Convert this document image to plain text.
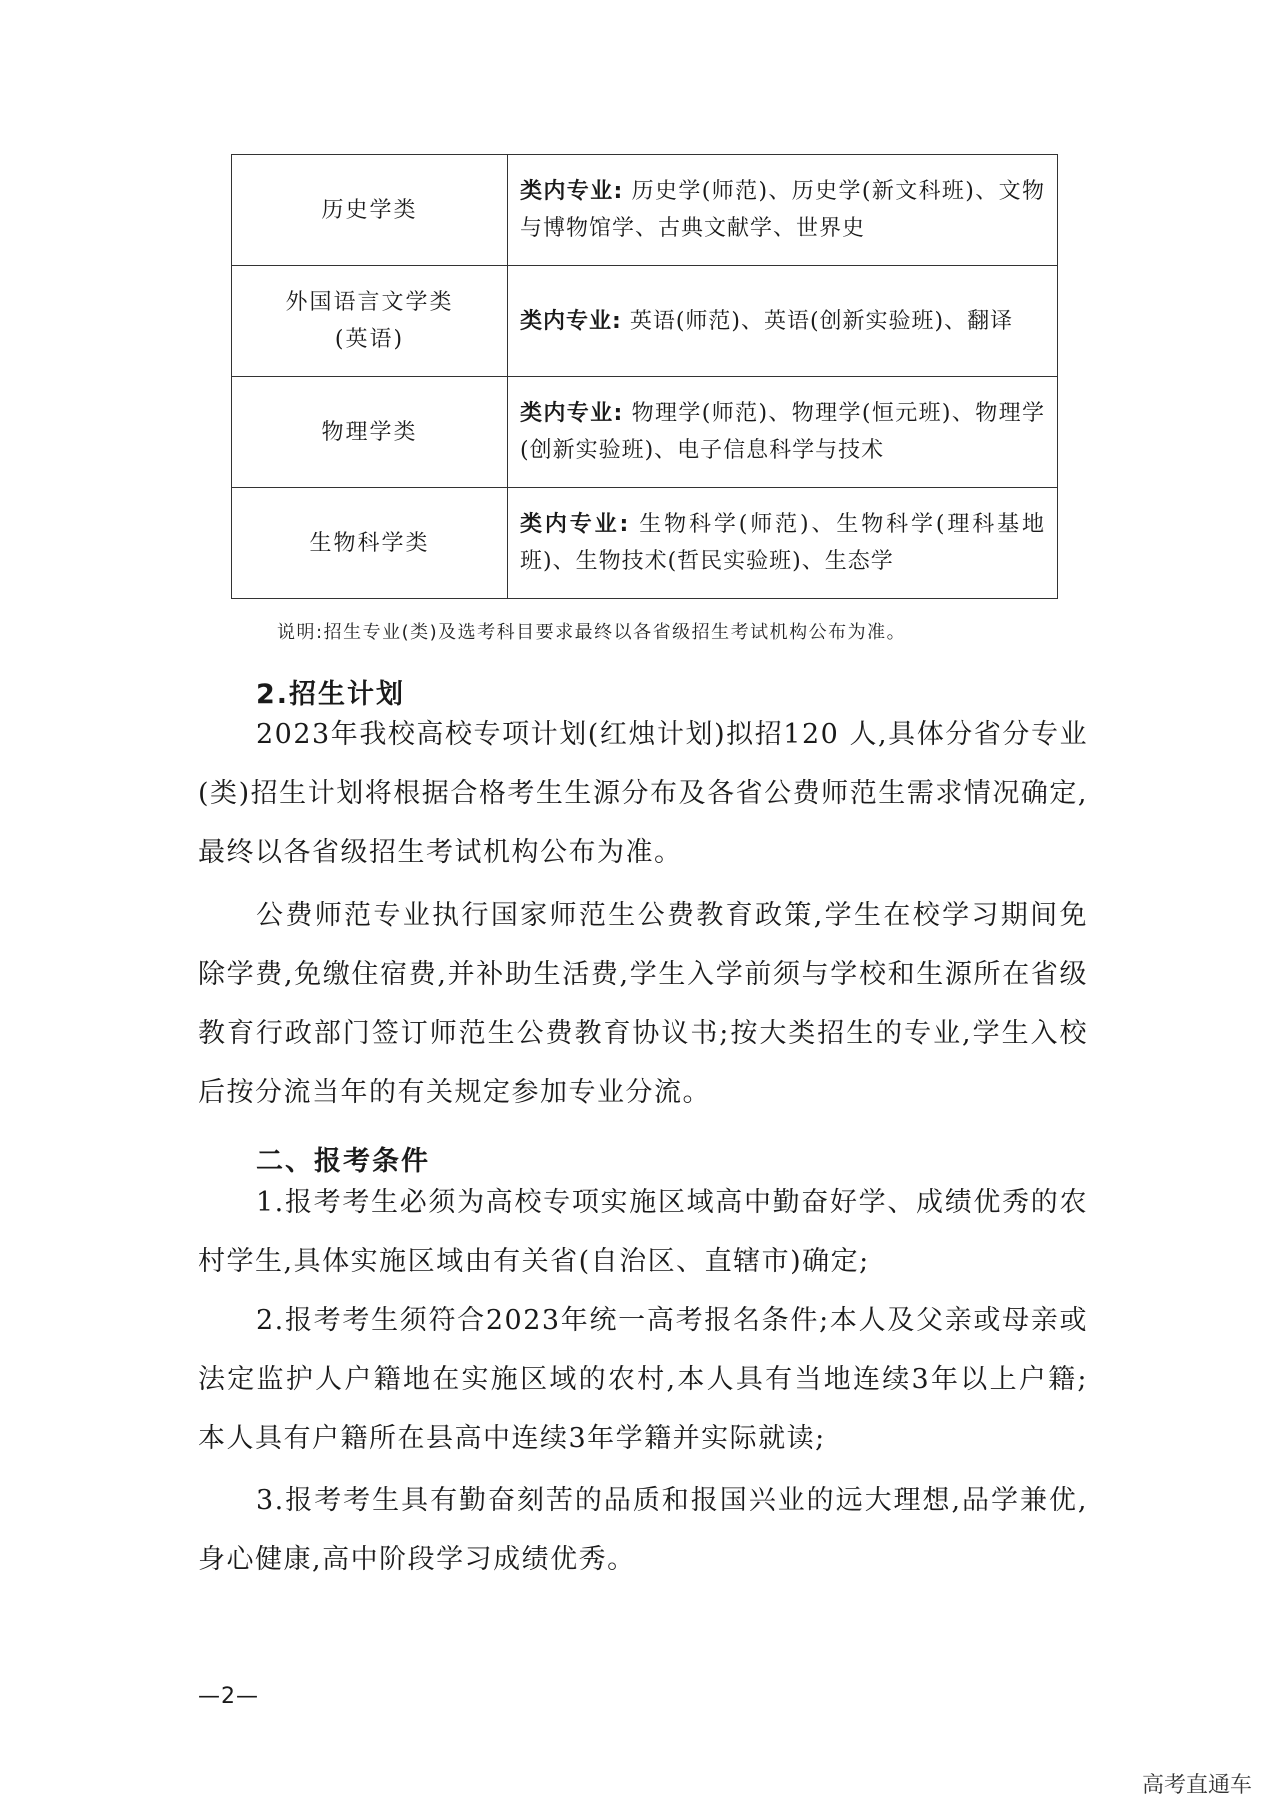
历史学类	类内专业: 历史学(师范)、历史学(新文科班)、文物与博物馆学、古典文献学、世界史

外国语言文学类
(英语)	类内专业: 英语(师范)、英语(创新实验班)、翻译

物理学类	类内专业: 物理学(师范)、物理学(恒元班)、物理学(创新实验班)、电子信息科学与技术

生物科学类	类内专业: 生物科学(师范)、生物科学(理科基地班)、生物技术(哲民实验班)、生态学
说明:招生专业(类)及选考科目要求最终以各省级招生考试机构公布为准。
2.招生计划

2023年我校高校专项计划(红烛计划)拟招120 人,具体分省分专业(类)招生计划将根据合格考生生源分布及各省公费师范生需求情况确定,最终以各省级招生考试机构公布为准。

公费师范专业执行国家师范生公费教育政策,学生在校学习期间免除学费,免缴住宿费,并补助生活费,学生入学前须与学校和生源所在省级教育行政部门签订师范生公费教育协议书;按大类招生的专业,学生入校后按分流当年的有关规定参加专业分流。

二、报考条件

1.报考考生必须为高校专项实施区域高中勤奋好学、成绩优秀的农村学生,具体实施区域由有关省(自治区、直辖市)确定;

2.报考考生须符合2023年统一高考报名条件;本人及父亲或母亲或法定监护人户籍地在实施区域的农村,本人具有当地连续3年以上户籍;本人具有户籍所在县高中连续3年学籍并实际就读;

3.报考考生具有勤奋刻苦的品质和报国兴业的远大理想,品学兼优,身心健康,高中阶段学习成绩优秀。

—2—
高考直通车
